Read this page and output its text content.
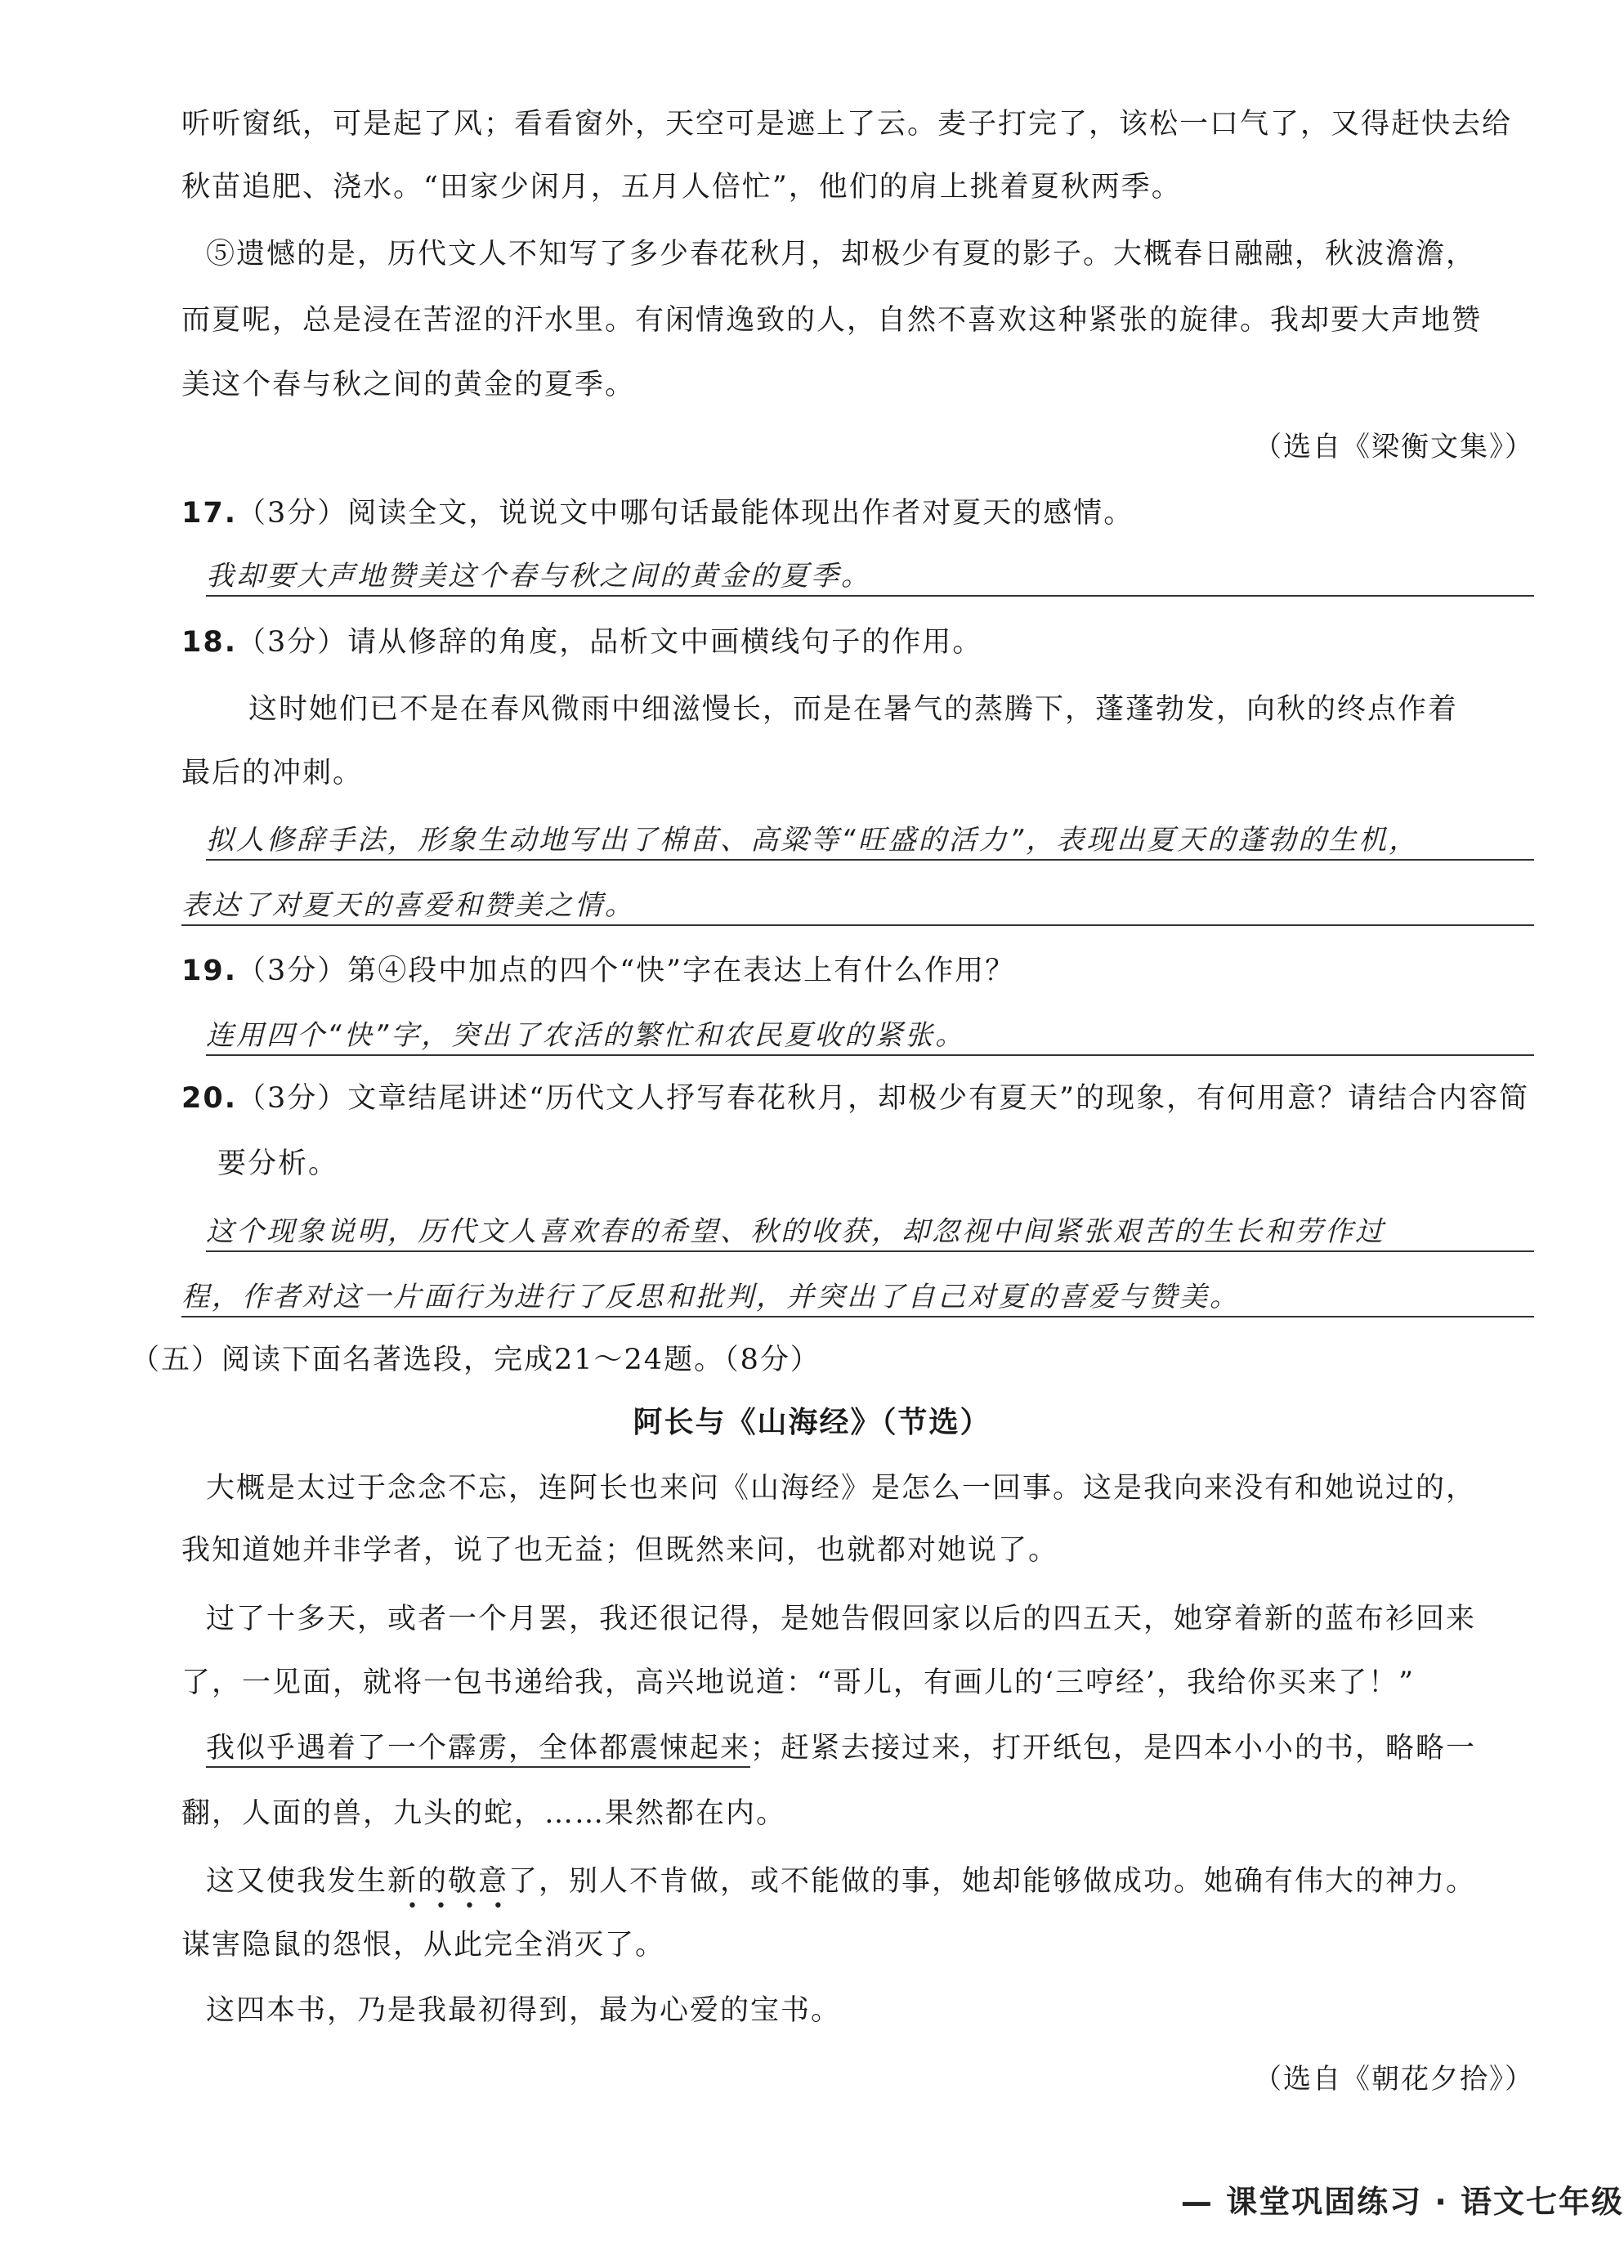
听听窗纸，可是起了风；看看窗外，天空可是遮上了云。麦子打完了，该松一口气了，又得赶快去给
秋苗追肥、浇水。“田家少闲月，五月人倍忙”，他们的肩上挑着夏秋两季。
⑤遗憾的是，历代文人不知写了多少春花秋月，却极少有夏的影子。大概春日融融，秋波澹澹，
而夏呢，总是浸在苦涩的汗水里。有闲情逸致的人，自然不喜欢这种紧张的旋律。我却要大声地赞
美这个春与秋之间的黄金的夏季。
（选自《梁衡文集》）
17.（3分）阅读全文，说说文中哪句话最能体现出作者对夏天的感情。
我却要大声地赞美这个春与秋之间的黄金的夏季。
18.（3分）请从修辞的角度，品析文中画横线句子的作用。
这时她们已不是在春风微雨中细滋慢长，而是在暑气的蒸腾下，蓬蓬勃发，向秋的终点作着
最后的冲刺。
拟人修辞手法，形象生动地写出了棉苗、高粱等“旺盛的活力”，表现出夏天的蓬勃的生机，
表达了对夏天的喜爱和赞美之情。
19.（3分）第④段中加点的四个“快”字在表达上有什么作用？
连用四个“快”字，突出了农活的繁忙和农民夏收的紧张。
20.（3分）文章结尾讲述“历代文人抒写春花秋月，却极少有夏天”的现象，有何用意？请结合内容简
要分析。
这个现象说明，历代文人喜欢春的希望、秋的收获，却忽视中间紧张艰苦的生长和劳作过
程，作者对这一片面行为进行了反思和批判，并突出了自己对夏的喜爱与赞美。
（五）阅读下面名著选段，完成21～24题。（8分）
阿长与《山海经》（节选）
大概是太过于念念不忘，连阿长也来问《山海经》是怎么一回事。这是我向来没有和她说过的，
我知道她并非学者，说了也无益；但既然来问，也就都对她说了。
过了十多天，或者一个月罢，我还很记得，是她告假回家以后的四五天，她穿着新的蓝布衫回来
了，一见面，就将一包书递给我，高兴地说道：“哥儿，有画儿的‘三哼经’，我给你买来了！”
我似乎遇着了一个霹雳，全体都震悚起来；赶紧去接过来，打开纸包，是四本小小的书，略略一
翻，人面的兽，九头的蛇，……果然都在内。
这又使我发生新的敬意了，别人不肯做，或不能做的事，她却能够做成功。她确有伟大的神力。
••••
谋害隐鼠的怨恨，从此完全消灭了。
这四本书，乃是我最初得到，最为心爱的宝书。
（选自《朝花夕拾》）
— 课堂巩固练习 · 语文七年级
